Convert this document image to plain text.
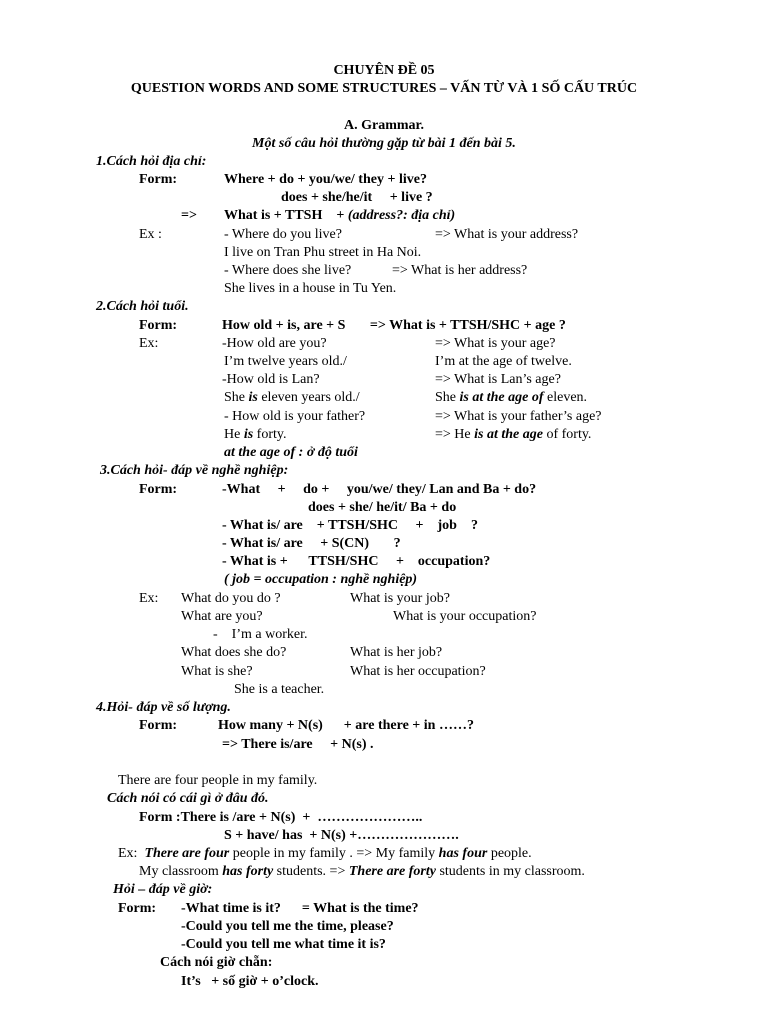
CHUYÊN ĐỀ 05
QUESTION WORDS AND SOME STRUCTURES – VẤN TỪ VÀ 1 SỐ CẤU TRÚC
A. Grammar.
Một số câu hỏi thường gặp từ bài 1 đến bài 5.
1.Cách hỏi địa chỉ:
Form:	Where + do + you/we/ they + live?
does + she/he/it     + live ?
=> What is + TTSH    + (address?: địa chỉ)
Ex :	- Where do you live?	=> What is your address?
I live on Tran Phu street in Ha Noi.
- Where does she live?	=> What is her address?
She lives in a house in Tu Yen.
2.Cách hỏi tuổi.
Form:	How old + is, are + S       => What is + TTSH/SHC + age ?
Ex:	-How old are you?	=> What is your age?
I’m twelve years old./	I’m at the age of twelve.
-How old is Lan?	=> What is Lan’s age?
She is eleven years old./	She is at the age of eleven.
- How old is your father?	=> What is your father’s age?
He is forty.	=> He is at the age of forty.
at the age of : ở độ tuổi
3.Cách hỏi- đáp về nghề nghiệp:
Form:	-What     +     do +     you/we/ they/ Lan and Ba + do?
does + she/ he/it/ Ba + do
- What is/ are    + TTSH/SHC     +    job    ?
- What is/ are     + S(CN)       ?
- What is +      TTSH/SHC     +    occupation?
( job = occupation : nghề nghiệp)
Ex: What do you do ?	What is your job?
What are you?	What is your occupation?
-    I’m a worker.
What does she do?	What is her job?
What is she?	What is her occupation?
She is a teacher.
4.Hỏi- đáp về số lượng.
Form:	How many + N(s)      + are there + in ……?
=> There is/are     + N(s) .
There are four people in my family.
Cách nói có cái gì ở đâu đó.
Form :There is /are + N(s)  +  …………………..
S + have/ has  + N(s) +………………….
Ex:  There are four people in my family . => My family has four people.
My classroom has forty students. => There are forty students in my classroom.
Hỏi – đáp về giờ:
Form: -What time is it?      = What is the time?
-Could you tell me the time, please?
-Could you tell me what time it is?
Cách nói giờ chẵn:
It’s   + số giờ + o’clock.
